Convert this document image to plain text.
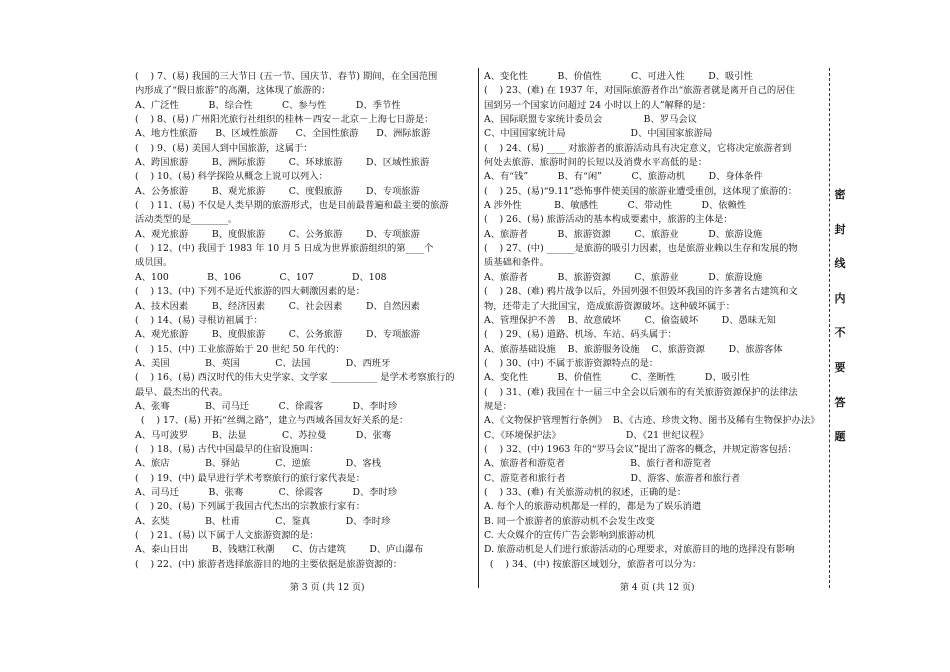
(    ) 7、(易) 我国的三大节日 (五一节、国庆节、春节) 期间，在全国范围
内形成了“假日旅游”的高潮，这体现了旅游的：
A、广泛性          B、综合性          C、参与性          D、季节性
(    ) 8、(易) 广州阳光旅行社组织的桂林－西安－北京－上海七日游是：
A、地方性旅游      B、区域性旅游      C、全国性旅游      D、洲际旅游
(    ) 9、(易) 美国人到中国旅游，这属于：
A、跨国旅游        B、洲际旅游        C、环球旅游        D、区域性旅游
(    ) 10、(易) 科学探险从概念上说可以列入：
A、公务旅游        B、观光旅游        C、度假旅游        D、专项旅游
(    ) 11、(易) 不仅是人类早期的旅游形式，也是目前最普遍和最主要的旅游
活动类型的是________。
A、观光旅游        B、度假旅游        C、公务旅游        D、专项旅游
(    ) 12、(中) 我国于 1983 年 10 月 5 日成为世界旅游组织的第____个
成员国。
A、100             B、106             C、107             D、108
(    ) 13、(中) 下列不是近代旅游的四大刺激因素的是：
A、技术因素        B、经济因素        C、社会因素        D、自然因素
(    ) 14、(易) 寻根访祖属于：
A、观光旅游        B、度假旅游        C、公务旅游        D、专项旅游
(    ) 15、(中) 工业旅游始于 20 世纪 50 年代的：
A、美国            B、英国            C、法国            D、西班牙
(    ) 16、(易) 西汉时代的伟大史学家、文学家 __________ 是学术考察旅行的
最早、最杰出的代表。
A、张骞            B、司马迁          C、徐霞客          D、李时珍
(    ) 17、(易) 开拓“丝绸之路”，建立与西域各国友好关系的是：
A、马可波罗        B、法显            C、苏拉曼          D、张骞
(    ) 18、(易) 古代中国最早的住宿设施叫：
A、旅店            B、驿站            C、逆旅            D、客栈
(    ) 19、(中) 最早进行学术考察旅行的旅行家代表是：
A、司马迁          B、张骞            C、徐霞客          D、李时珍
(    ) 20、(易) 下列属于我国古代杰出的宗教旅行家有：
A、玄奘            B、杜甫            C、鉴真            D、李时珍
(    ) 21、(易) 以下属于人文旅游资源的是：
A、泰山日出        B、钱塘江秋潮      C、仿古建筑        D、庐山瀑布
(    ) 22、(中) 旅游者选择旅游目的地的主要依据是旅游资源的：
A、变化性          B、价值性          C、可进入性        D、吸引性
(    ) 23、(难) 在 1937 年，对国际旅游者作出“旅游者就是离开自己的居住
国到另一个国家访问超过 24 小时以上的人”解释的是：
A、国际联盟专家统计委员会              B、罗马会议
C、中国国家统计局                      D、中国国家旅游局
(    ) 24、(易) ____ 对旅游者的旅游活动具有决定意义，它将决定旅游者到
何处去旅游、旅游时间的长短以及消费水平高低的是：
A、有“钱”          B、有“闲”          C、旅游动机        D、身体条件
(    ) 25、(易)“9.11”恐怖事件使美国的旅游业遭受重创，这体现了旅游的：
A 涉外性           B、敏感性          C、带动性          D、依赖性
(    ) 26、(易) 旅游活动的基本构成要素中，旅游的主体是：
A、旅游者          B、旅游资源        C、旅游业          D、旅游设施
(    ) 27、(中) ______是旅游的吸引力因素，也是旅游业赖以生存和发展的物
质基础和条件。
A、旅游者          B、旅游资源        C、旅游业          D、旅游设施
(    ) 28、(难) 鸦片战争以后，外国列强不但毁坏我国的许多著名古建筑和文
物，还带走了大批国宝，造成旅游资源破坏。这种破坏属于：
A、管理保护不善    B、故意破坏        C、偷盗破坏        D、愚昧无知
(    ) 29、(易) 道路、机场、车站、码头属于：
A、旅游基础设施    B、旅游服务设施    C、旅游资源        D、旅游客体
(    ) 30、(中) 不属于旅游资源特点的是：
A、变化性          B、价值性          C、垄断性          D、吸引性
(    ) 31、(难) 我国在十一届三中全会以后颁布的有关旅游资源保护的法律法
规是：
A、《文物保护管理暂行条例》  B、《古迹、珍贵文物、图书及稀有生物保护办法》
C、《环境保护法》                      D、《21 世纪议程》
(    ) 32、(中) 1963 年的“罗马会议”提出了游客的概念，并规定游客包括：
A、旅游者和游览者                      B、旅行者和游览者
C、游览者和旅行者                      D、游客、旅游者和旅行者
(    ) 33、(难) 有关旅游动机的叙述，正确的是：
A. 每个人的旅游动机都是一样的，都是为了娱乐消遣
B. 同一个旅游者的旅游动机不会发生改变
C. 大众媒介的宣传广告会影响到旅游动机
D. 旅游动机是人们进行旅游活动的心理要求，对旅游目的地的选择没有影响
(    ) 34、(中) 按旅游区域划分，旅游者可以分为：
密
封
线
内
不
要
答
题
第 3 页 (共 12 页)	第 4 页 (共 12 页)
